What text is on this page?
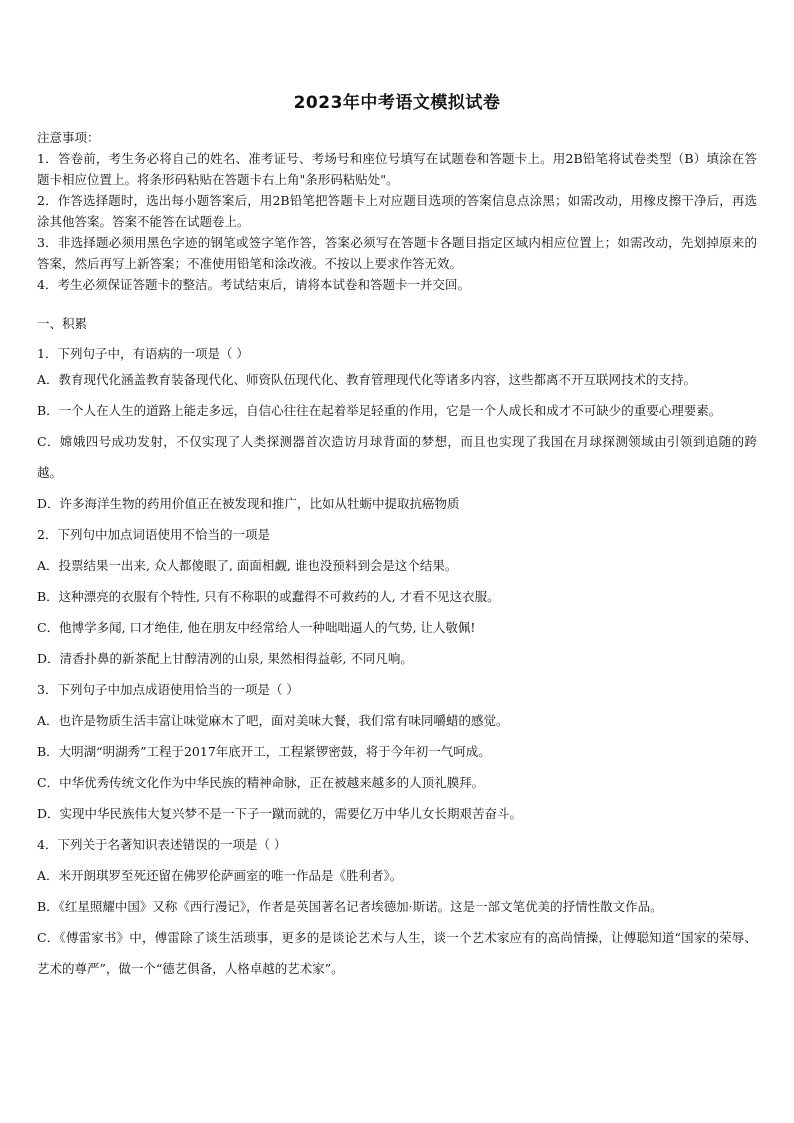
2023年中考语文模拟试卷
注意事项：

1．答卷前，考生务必将自己的姓名、准考证号、考场号和座位号填写在试题卷和答题卡上。用2B铅笔将试卷类型（B）填涂在答题卡相应位置上。将条形码粘贴在答题卡右上角"条形码粘贴处"。

2．作答选择题时，选出每小题答案后，用2B铅笔把答题卡上对应题目选项的答案信息点涂黑；如需改动，用橡皮擦干净后，再选涂其他答案。答案不能答在试题卷上。

3．非选择题必须用黑色字迹的钢笔或签字笔作答，答案必须写在答题卡各题目指定区域内相应位置上；如需改动，先划掉原来的答案，然后再写上新答案；不准使用铅笔和涂改液。不按以上要求作答无效。

4．考生必须保证答题卡的整洁。考试结束后，请将本试卷和答题卡一并交回。

一、积累

1．下列句子中，有语病的一项是（ ）

A．教育现代化涵盖教育装备现代化、师资队伍现代化、教育管理现代化等诸多内容，这些都离不开互联网技术的支持。

B．一个人在人生的道路上能走多远，自信心往往在起着举足轻重的作用，它是一个人成长和成才不可缺少的重要心理要素。

C．嫦娥四号成功发射，不仅实现了人类探测器首次造访月球背面的梦想，而且也实现了我国在月球探测领域由引领到追随的跨越。

D．许多海洋生物的药用价值正在被发现和推广，比如从牡蛎中提取抗癌物质

2．下列句中加点词语使用不恰当的一项是

A．投票结果一出来, 众人都傻眼了, 面面相觑, 谁也没预料到会是这个结果。

B．这种漂亮的衣服有个特性, 只有不称职的或蠢得不可救药的人, 才看不见这衣服。

C．他博学多闻, 口才绝佳, 他在朋友中经常给人一种咄咄逼人的气势, 让人敬佩!

D．清香扑鼻的新茶配上甘醇清冽的山泉, 果然相得益彰, 不同凡响。

3．下列句子中加点成语使用恰当的一项是（ ）

A．也许是物质生活丰富让味觉麻木了吧，面对美味大餐，我们常有味同嚼蜡的感觉。

B．大明湖“明湖秀”工程于2017年底开工，工程紧锣密鼓，将于今年初一气呵成。

C．中华优秀传统文化作为中华民族的精神命脉，正在被越来越多的人顶礼膜拜。

D．实现中华民族伟大复兴梦不是一下子一蹴而就的，需要亿万中华儿女长期艰苦奋斗。

4．下列关于名著知识表述错误的一项是（ ）

A．米开朗琪罗至死还留在佛罗伦萨画室的唯一作品是《胜利者》。

B．《红星照耀中国》又称《西行漫记》，作者是英国著名记者埃德加·斯诺。这是一部文笔优美的抒情性散文作品。

C．《傅雷家书》中，傅雷除了谈生活琐事，更多的是谈论艺术与人生，谈一个艺术家应有的高尚情操，让傅聪知道“国家的荣辱、艺术的尊严”，做一个“德艺俱备，人格卓越的艺术家”。
